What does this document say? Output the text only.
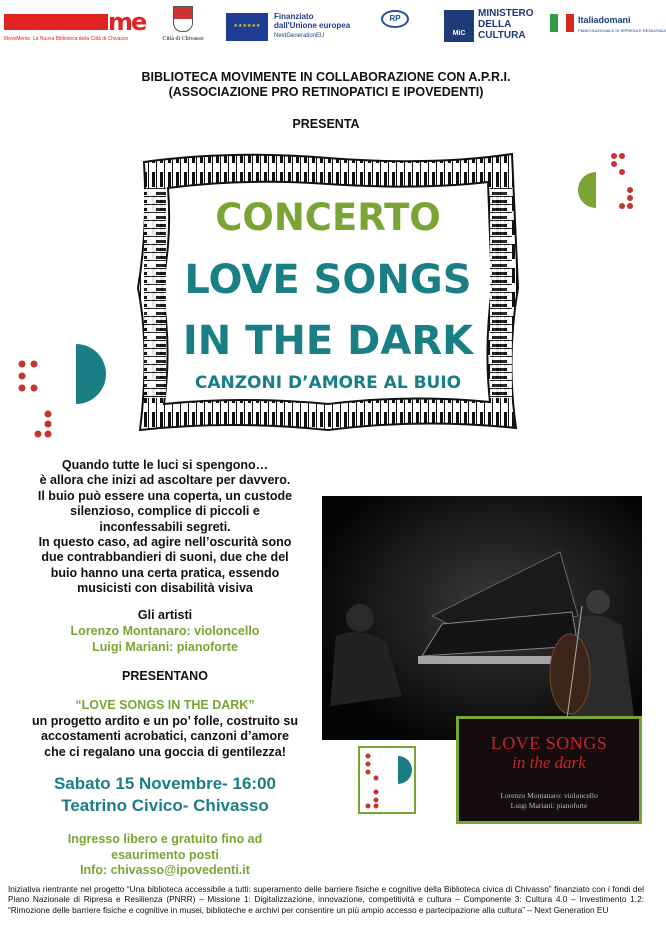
me
MoveMente. La Nuova Biblioteca della Città di Chivasso	Città di Chivasso
★★★★★★
Finanziato
dall'Unione europea
NextGenerationEU
RP
MiC
MINISTERO
DELLA
CULTURA
Italiadomani
PIANO NAZIONALE DI RIPRESA E RESILIENZA
BIBLIOTECA MOVIMENTE IN COLLABORAZIONE CON A.P.R.I.
(ASSOCIAZIONE PRO RETINOPATICI E IPOVEDENTI)
PRESENTA
CONCERTO
LOVE SONGS
IN THE DARK
CANZONI D’AMORE AL BUIO
Quando tutte le luci si spengono…
è allora che inizi ad ascoltare per davvero.
Il buio può essere una coperta, un custode
silenzioso, complice di piccoli e
inconfessabili segreti.
In questo caso, ad agire nell’oscurità sono
due contrabbandieri di suoni, due che del
buio hanno una certa pratica, essendo
musicisti con disabilità visiva
Gli artisti
Lorenzo Montanaro: violoncello
Luigi Mariani: pianoforte
PRESENTANO
“LOVE SONGS IN THE DARK”
un progetto ardito e un po’ folle, costruito su
accostamenti acrobatici, canzoni d’amore
che ci regalano una goccia di gentilezza!
Sabato 15 Novembre- 16:00
Teatrino Civico- Chivasso
Ingresso libero e gratuito fino ad
esaurimento posti
Info: chivasso@ipovedenti.it
LOVE SONGS
in the dark
Lorenzo Montanaro: violoncello
Luigi Mariani: pianoforte
Iniziativa rientrante nel progetto “Una biblioteca accessibile a tutti: superamento delle barriere fisiche e cognitive della Biblioteca civica di Chivasso” finanziato con i fondi del Piano Nazionale di Ripresa e Resilienza (PNRR) – Missione 1: Digitalizzazione, innovazione, competitività e cultura – Componente 3: Cultura 4.0 – Investimento 1.2: “Rimozione delle barriere fisiche e cognitive in musei, biblioteche e archivi per consentire un più ampio accesso e partecipazione alla cultura” – Next Generation EU
